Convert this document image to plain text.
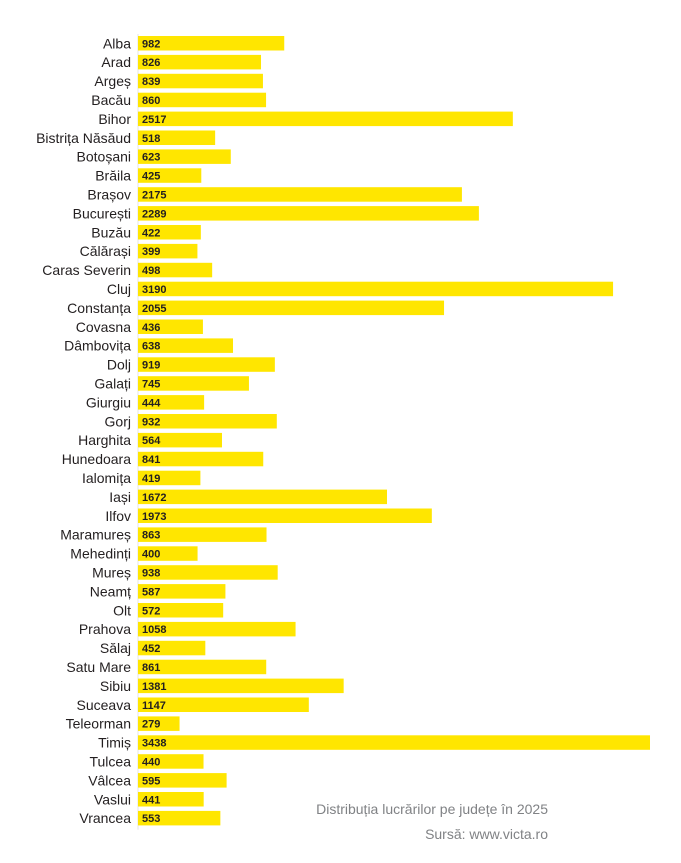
Alba 982
Arad 826
Argeș 839
Bacău 860
Bihor 2517
Bistrița Năsăud 518
Botoșani 623
Brăila 425
Brașov 2175
București 2289
Buzău 422
Călărași 399
Caras Severin 498
Cluj 3190
Constanța 2055
Covasna 436
Dâmbovița 638
Dolj 919
Galați 745
Giurgiu 444
Gorj 932
Harghita 564
Hunedoara 841
Ialomița 419
Iași 1672
Ilfov 1973
Maramureș 863
Mehedinți 400
Mureș 938
Neamț 587
Olt 572
Prahova 1058
Sălaj 452
Satu Mare 861
Sibiu 1381
Suceava 1147
Teleorman 279
Timiș 3438
Tulcea 440
Vâlcea 595
Vaslui 441
Vrancea 553
Distribuția lucrărilor pe județe în 2025
Sursă: www.victa.ro
